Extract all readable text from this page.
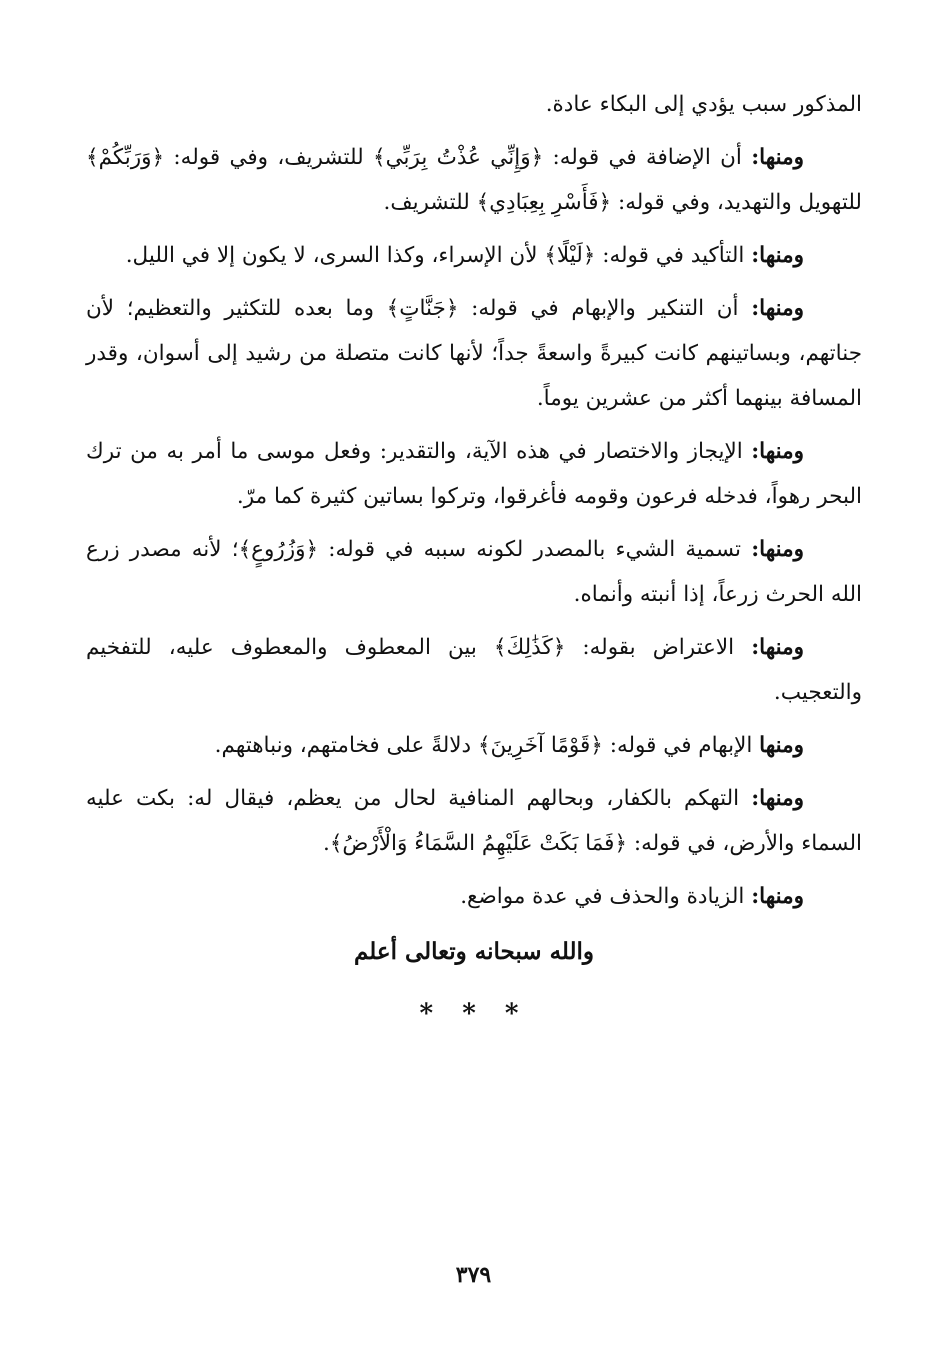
المذكور سبب يؤدي إلى البكاء عادة.

ومنها: أن الإضافة في قوله: ﴿وَإِنِّي عُذْتُ بِرَبِّي﴾ للتشريف، وفي قوله: ﴿وَرَبِّكُمْ﴾ للتهويل والتهديد، وفي قوله: ﴿فَأَسْرِ بِعِبَادِي﴾ للتشريف.

ومنها: التأكيد في قوله: ﴿لَيْلًا﴾ لأن الإسراء، وكذا السرى، لا يكون إلا في الليل.

ومنها: أن التنكير والإبهام في قوله: ﴿جَنَّاتٍ﴾ وما بعده للتكثير والتعظيم؛ لأن جناتهم، وبساتينهم كانت كبيرةً واسعةً جداً؛ لأنها كانت متصلة من رشيد إلى أسوان، وقدر المسافة بينهما أكثر من عشرين يوماً.

ومنها: الإيجاز والاختصار في هذه الآية، والتقدير: وفعل موسى ما أمر به من ترك البحر رهواً، فدخله فرعون وقومه فأغرقوا، وتركوا بساتين كثيرة كما مرّ.

ومنها: تسمية الشيء بالمصدر لكونه سببه في قوله: ﴿وَزُرُوعٍ﴾؛ لأنه مصدر زرع الله الحرث زرعاً، إذا أنبته وأنماه.

ومنها: الاعتراض بقوله: ﴿كَذَٰلِكَ﴾ بين المعطوف والمعطوف عليه، للتفخيم والتعجيب.

ومنها الإبهام في قوله: ﴿قَوْمًا آخَرِينَ﴾ دلالةً على فخامتهم، ونباهتهم.

ومنها: التهكم بالكفار، وبحالهم المنافية لحال من يعظم، فيقال له: بكت عليه السماء والأرض، في قوله: ﴿فَمَا بَكَتْ عَلَيْهِمُ السَّمَاءُ وَالْأَرْضُ﴾.

ومنها: الزيادة والحذف في عدة مواضع.

والله سبحانه وتعالى أعلم
* * *
٣٧٩
